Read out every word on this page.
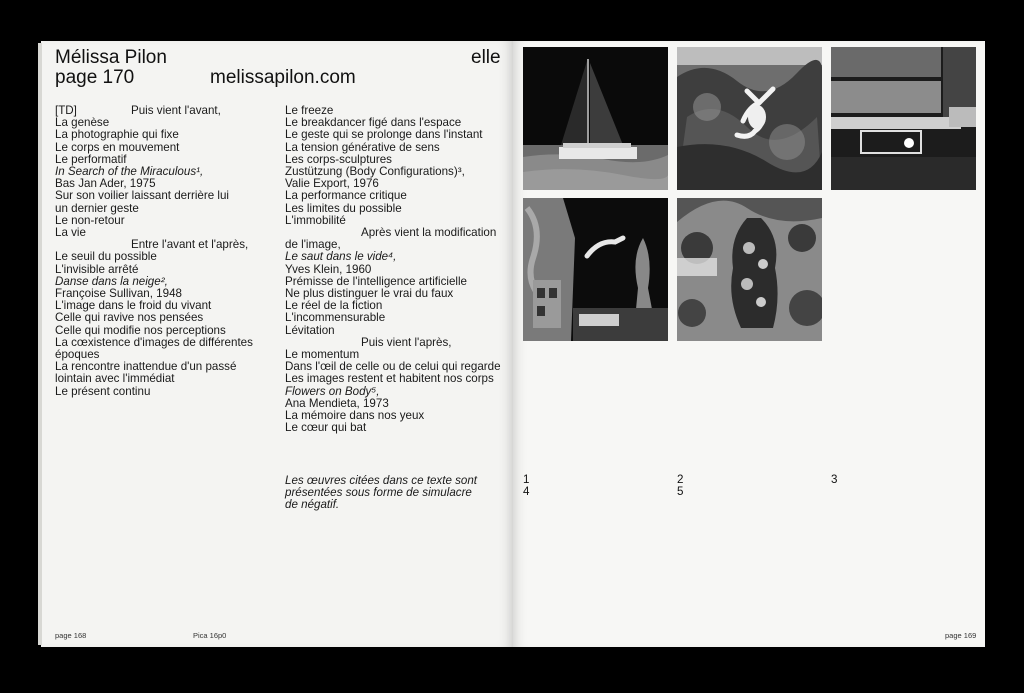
Mélissa Pilon
page 170	melissapilon.com
elle
[TD]
La genèse
La photographie qui fixe
Le corps en mouvement
Le performatif
In Search of the Miraculous¹,
Bas Jan Ader, 1975
Sur son voilier laissant derrière lui
un dernier geste
Le non-retour
La vie
Entre l'avant et l'après,
Le seuil du possible
L'invisible arrêté
Danse dans la neige²,
Françoise Sullivan, 1948
L'image dans le froid du vivant
Celle qui ravive nos pensées
Celle qui modifie nos perceptions
La cœxistence d'images de différentes
époques
La rencontre inattendue d'un passé
lointain avec l'immédiat
Le présent continu
Puis vient l'avant,	Le freeze
Le breakdancer figé dans l'espace
Le geste qui se prolonge dans l'instant
La tension générative de sens
Les corps-sculptures
Zustützung (Body Configurations)³,
Valie Export, 1976
La performance critique
Les limites du possible
L'immobilité
Après vient la modification
de l'image,
Le saut dans le vide⁴,
Yves Klein, 1960
Prémisse de l'intelligence artificielle
Ne plus distinguer le vrai du faux
Le réel de la fiction
L'incommensurable
Lévitation
Puis vient l'après,
Le momentum
Dans l'œil de celle ou de celui qui regarde
Les images restent et habitent nos corps
Flowers on Body⁵,
Ana Mendieta, 1973
La mémoire dans nos yeux
Le cœur qui bat
Les œuvres citées dans ce texte sont
présentées sous forme de simulacre
de négatif.
page 168	Pica 16p0
1	2	3
4	5
page 169
